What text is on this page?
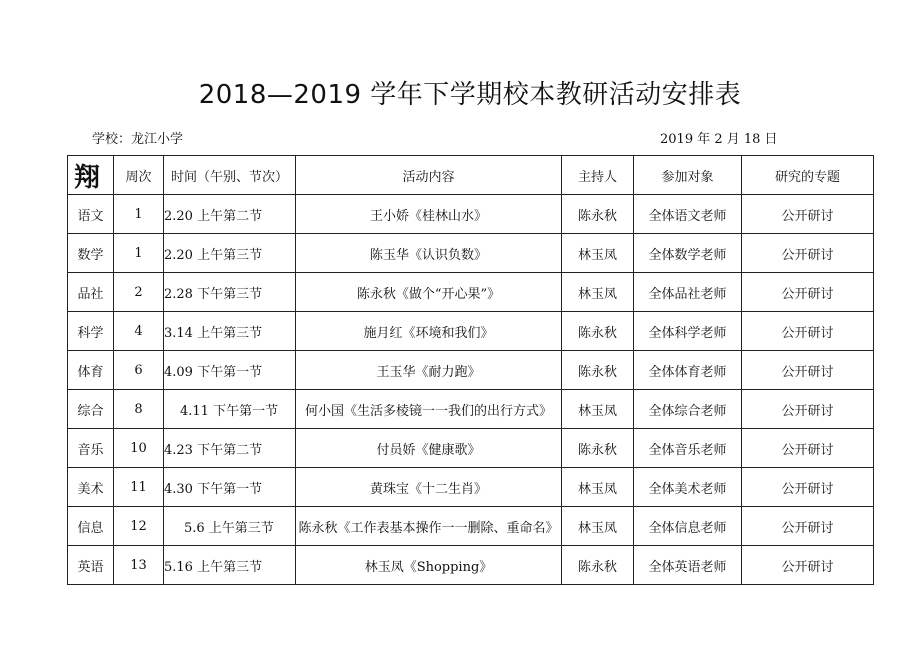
2018—2019 学年下学期校本教研活动安排表
学校：龙江小学	2019 年 2 月 18 日
翔	周次	时间（午别、节次）	活动内容	主持人	参加对象	研究的专题
语文	1	2.20 上午第二节	王小娇《桂林山水》	陈永秋	全体语文老师	公开研讨
数学	1	2.20 上午第三节	陈玉华《认识负数》	林玉凤	全体数学老师	公开研讨
品社	2	2.28 下午第三节	陈永秋《做个“开心果”》	林玉凤	全体品社老师	公开研讨
科学	4	3.14 上午第三节	施月红《环境和我们》	陈永秋	全体科学老师	公开研讨
体育	6	4.09 下午第一节	王玉华《耐力跑》	陈永秋	全体体育老师	公开研讨
综合	8	4.11 下午第一节	何小国《生活多棱镜一一我们的出行方式》	林玉凤	全体综合老师	公开研讨
音乐	10	4.23 下午第二节	付员娇《健康歌》	陈永秋	全体音乐老师	公开研讨
美术	11	4.30 下午第一节	黄珠宝《十二生肖》	林玉凤	全体美术老师	公开研讨
信息	12	5.6 上午第三节	陈永秋《工作表基本操作一一删除、重命名》	林玉凤	全体信息老师	公开研讨
英语	13	5.16 上午第三节	林玉凤《Shopping》	陈永秋	全体英语老师	公开研讨
